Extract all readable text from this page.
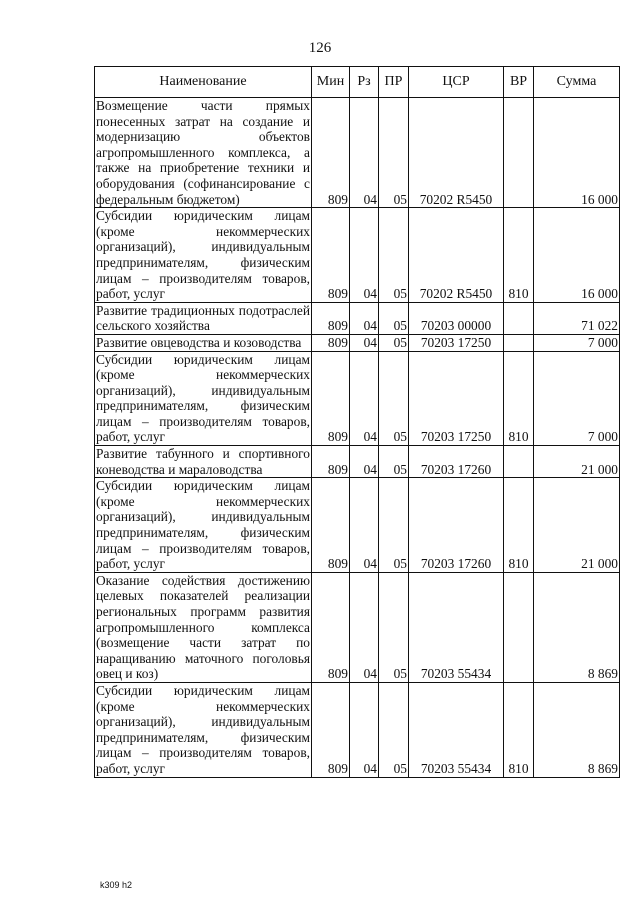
126
Наименование	Мин	Рз	ПР	ЦСР	ВР	Сумма
Возмещение части прямых понесенных затрат на создание и модернизацию объектов агропромышленного комплекса, а также на приобретение техники и оборудования (софинансирование с федеральным бюджетом)	809	04	05	70202 R5450		16 000
Субсидии юридическим лицам (кроме некоммерческих организаций), индивидуальным предпринимателям, физическим лицам – производителям товаров, работ, услуг	809	04	05	70202 R5450	810	16 000
Развитие традиционных подотраслей сельского хозяйства	809	04	05	70203 00000		71 022
Развитие овцеводства и козоводства	809	04	05	70203 17250		7 000
Субсидии юридическим лицам (кроме некоммерческих организаций), индивидуальным предпринимателям, физическим лицам – производителям товаров, работ, услуг	809	04	05	70203 17250	810	7 000
Развитие табунного и спортивного коневодства и мараловодства	809	04	05	70203 17260		21 000
Субсидии юридическим лицам (кроме некоммерческих организаций), индивидуальным предпринимателям, физическим лицам – производителям товаров, работ, услуг	809	04	05	70203 17260	810	21 000
Оказание содействия достижению целевых показателей реализации региональных программ развития агропромышленного комплекса (возмещение части затрат по наращиванию маточного поголовья овец и коз)	809	04	05	70203 55434		8 869
Субсидии юридическим лицам (кроме некоммерческих организаций), индивидуальным предпринимателям, физическим лицам – производителям товаров, работ, услуг	809	04	05	70203 55434	810	8 869
k309 h2
